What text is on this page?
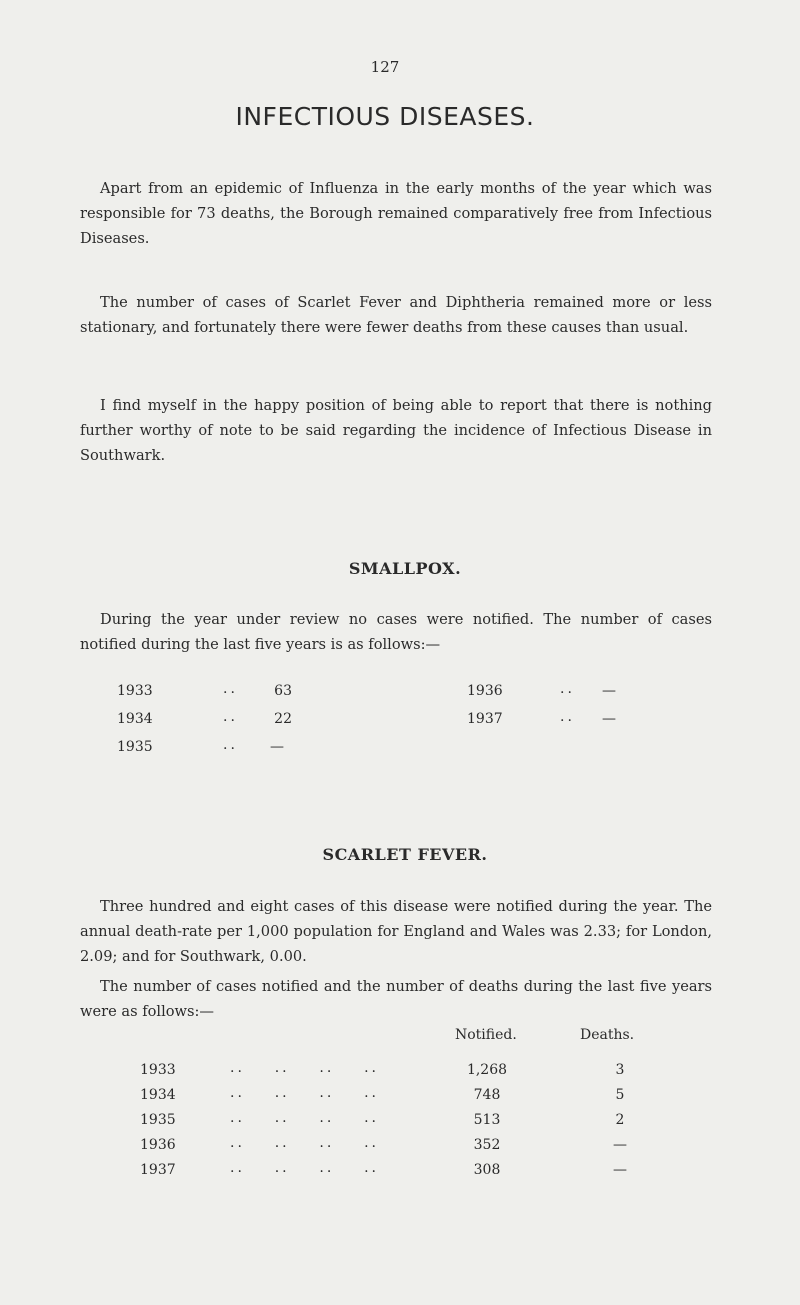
127
INFECTIOUS DISEASES.

Apart from an epidemic of Influenza in the early months of the year which was responsible for 73 deaths, the Borough remained comparatively free from Infectious Diseases.

The number of cases of Scarlet Fever and Diphtheria remained more or less stationary, and fortunately there were fewer deaths from these causes than usual.

I find myself in the happy position of being able to report that there is nothing further worthy of note to be said regarding the incidence of Infectious Disease in Southwark.

SMALLPOX.

During the year under review no cases were notified. The number of cases notified during the last five years is as follows:—

1933	..	63
1934	..	22
1935	..	—
1936	..	—
1937	..	—
SCARLET FEVER.

Three hundred and eight cases of this disease were notified during the year. The annual death-rate per 1,000 population for England and Wales was 2.33; for London, 2.09; and for Southwark, 0.00.

The number of cases notified and the number of deaths during the last five years were as follows:—

Notified.	Deaths.
1933	..    ..    ..    ..	1,268	3
1934	..    ..    ..    ..	748	5
1935	..    ..    ..    ..	513	2
1936	..    ..    ..    ..	352	—
1937	..    ..    ..    ..	308	—
